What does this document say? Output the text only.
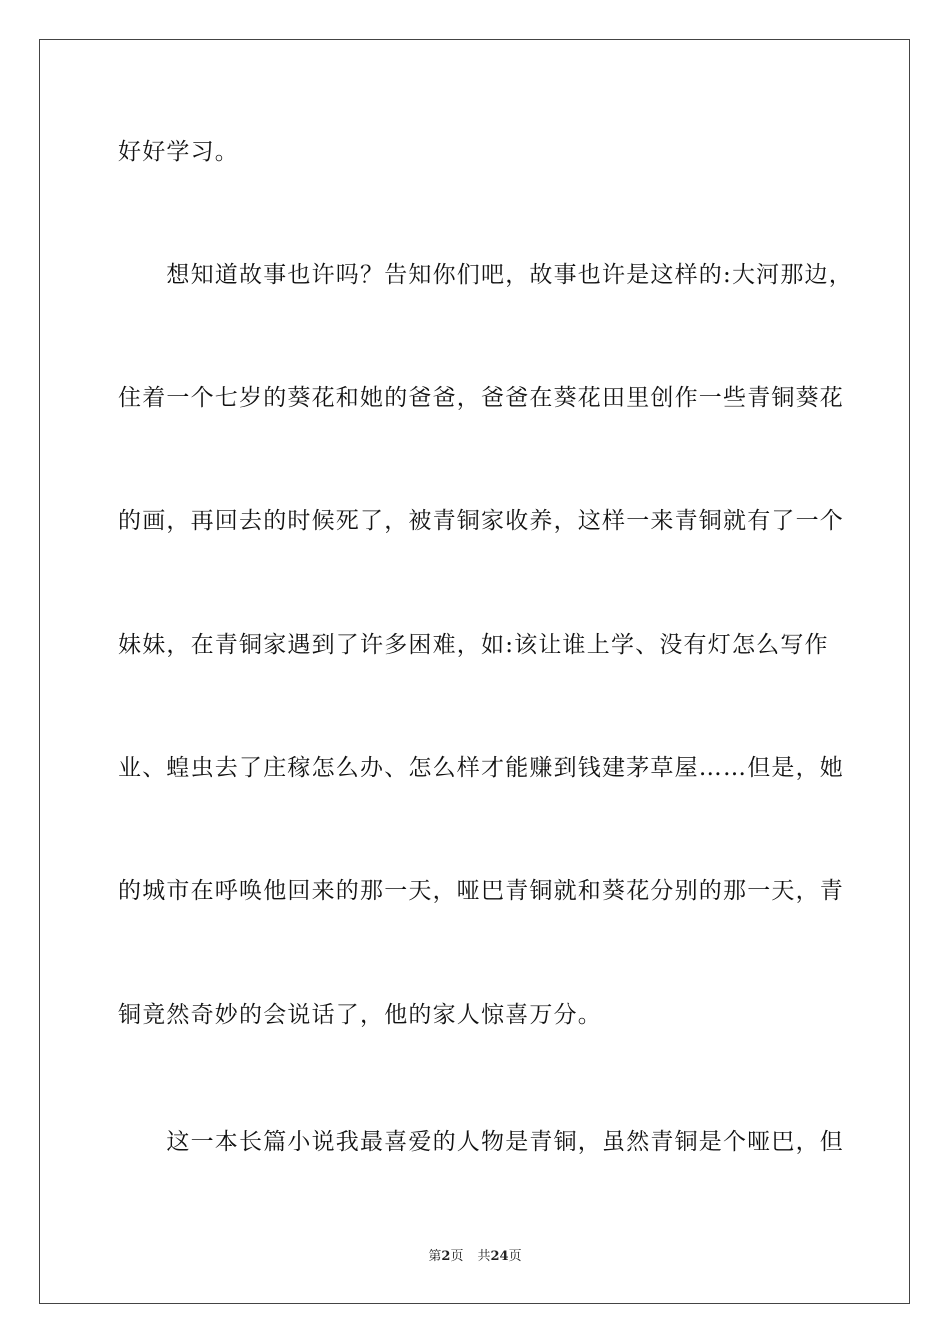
好好学习。
　　想知道故事也许吗？告知你们吧，故事也许是这样的:大河那边，
住着一个七岁的葵花和她的爸爸，爸爸在葵花田里创作一些青铜葵花
的画，再回去的时候死了，被青铜家收养，这样一来青铜就有了一个
妹妹，在青铜家遇到了许多困难，如:该让谁上学、没有灯怎么写作
业、蝗虫去了庄稼怎么办、怎么样才能赚到钱建茅草屋……但是，她
的城市在呼唤他回来的那一天，哑巴青铜就和葵花分别的那一天，青
铜竟然奇妙的会说话了，他的家人惊喜万分。
　　这一本长篇小说我最喜爱的人物是青铜，虽然青铜是个哑巴，但
第2页 共24页
